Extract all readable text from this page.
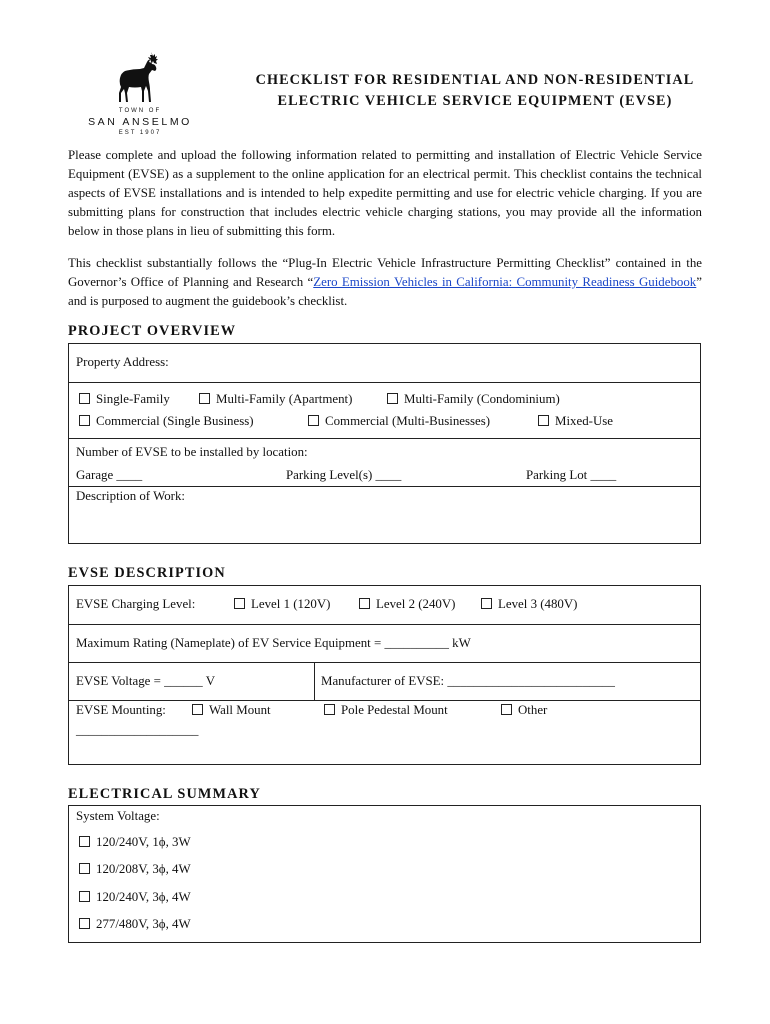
TOWN OF
SAN ANSELMO
EST 1907
CHECKLIST FOR RESIDENTIAL AND NON-RESIDENTIAL
ELECTRIC VEHICLE SERVICE EQUIPMENT (EVSE)

Please complete and upload the following information related to permitting and installation of Electric Vehicle Service Equipment (EVSE) as a supplement to the online application for an electrical permit. This checklist contains the technical aspects of EVSE installations and is intended to help expedite permitting and use for electric vehicle charging. If you are submitting plans for construction that includes electric vehicle charging stations, you may provide all the information below in those plans in lieu of submitting this form.

This checklist substantially follows the “Plug-In Electric Vehicle Infrastructure Permitting Checklist” contained in the Governor’s Office of Planning and Research “Zero Emission Vehicles in California: Community Readiness Guidebook” and is purposed to augment the guidebook’s checklist.

PROJECT OVERVIEW
Property Address:
Single-Family	Multi-Family (Apartment)	Multi-Family (Condominium)
Commercial (Single Business)	Commercial (Multi-Businesses)	Mixed-Use
Number of EVSE to be installed by location:
Garage ____	Parking Level(s) ____	Parking Lot ____
Description of Work:
EVSE DESCRIPTION
EVSE Charging Level:	Level 1 (120V)	Level 2 (240V)	Level 3 (480V)
Maximum Rating (Nameplate) of EV Service Equipment = __________ kW
EVSE Voltage = ______ V	Manufacturer of EVSE: __________________________
EVSE Mounting:	Wall Mount	Pole Pedestal Mount	Other
___________________
ELECTRICAL SUMMARY
System Voltage:
120/240V, 1ϕ, 3W
120/208V, 3ϕ, 4W
120/240V, 3ϕ, 4W
277/480V, 3ϕ, 4W
